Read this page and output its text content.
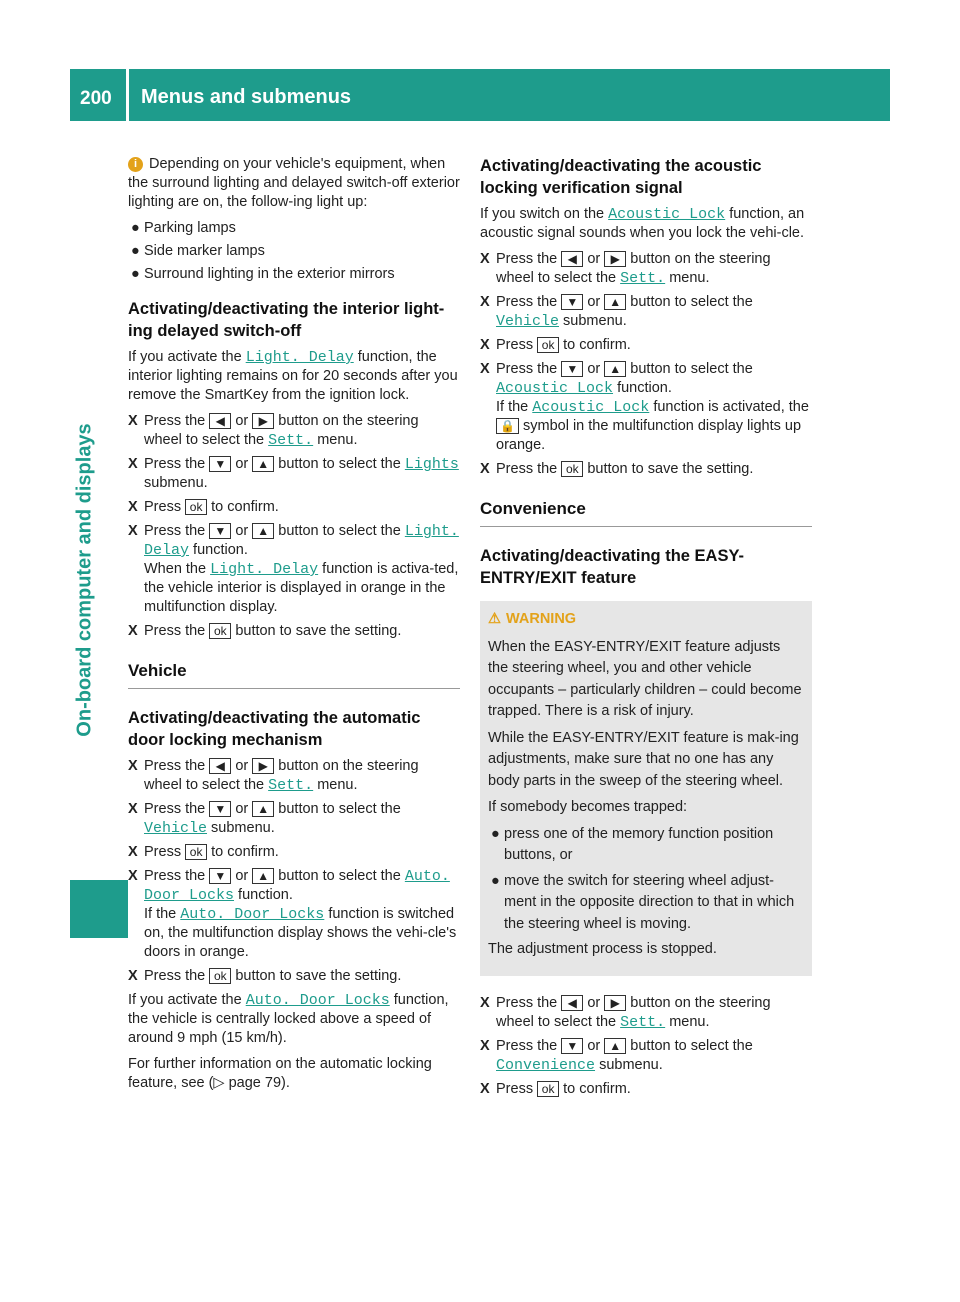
200 Menus and submenus
On-board computer and displays

i Depending on your vehicle's equipment, when the surround lighting and delayed switch-off exterior lighting are on, the follow-ing light up:

● Parking lamps
● Side marker lamps
● Surround lighting in the exterior mirrors
Activating/deactivating the interior light-ing delayed switch-off

If you activate the Light. Delay function, the interior lighting remains on for 20 seconds after you remove the SmartKey from the ignition lock.

X Press the ◀ or ▶ button on the steering wheel to select the Sett. menu.
X Press the ▼ or ▲ button to select the Lights submenu.
X Press ok to confirm.
X Press the ▼ or ▲ button to select the Light. Delay function.
When the Light. Delay function is activa-ted, the vehicle interior is displayed in orange in the multifunction display.
X Press the ok button to save the setting.
Vehicle
Activating/deactivating the automatic door locking mechanism
X Press the ◀ or ▶ button on the steering wheel to select the Sett. menu.
X Press the ▼ or ▲ button to select the Vehicle submenu.
X Press ok to confirm.
X Press the ▼ or ▲ button to select the Auto. Door Locks function.
If the Auto. Door Locks function is switched on, the multifunction display shows the vehi-cle's doors in orange.
X Press the ok button to save the setting.

If you activate the Auto. Door Locks function, the vehicle is centrally locked above a speed of around 9 mph (15 km/h).

For further information on the automatic locking feature, see (▷ page 79).

Activating/deactivating the acoustic locking verification signal

If you switch on the Acoustic Lock function, an acoustic signal sounds when you lock the vehi-cle.

X Press the ◀ or ▶ button on the steering wheel to select the Sett. menu.
X Press the ▼ or ▲ button to select the Vehicle submenu.
X Press ok to confirm.
X Press the ▼ or ▲ button to select the Acoustic Lock function.
If the Acoustic Lock function is activated, the 🔒 symbol in the multifunction display lights up orange.
X Press the ok button to save the setting.
Convenience
Activating/deactivating the EASY-ENTRY/EXIT feature
⚠ WARNING

When the EASY-ENTRY/EXIT feature adjusts the steering wheel, you and other vehicle occupants – particularly children – could become trapped. There is a risk of injury.

While the EASY-ENTRY/EXIT feature is mak-ing adjustments, make sure that no one has any body parts in the sweep of the steering wheel.

If somebody becomes trapped:

● press one of the memory function position buttons, or
● move the switch for steering wheel adjust-ment in the opposite direction to that in which the steering wheel is moving.

The adjustment process is stopped.

X Press the ◀ or ▶ button on the steering wheel to select the Sett. menu.
X Press the ▼ or ▲ button to select the Convenience submenu.
X Press ok to confirm.
